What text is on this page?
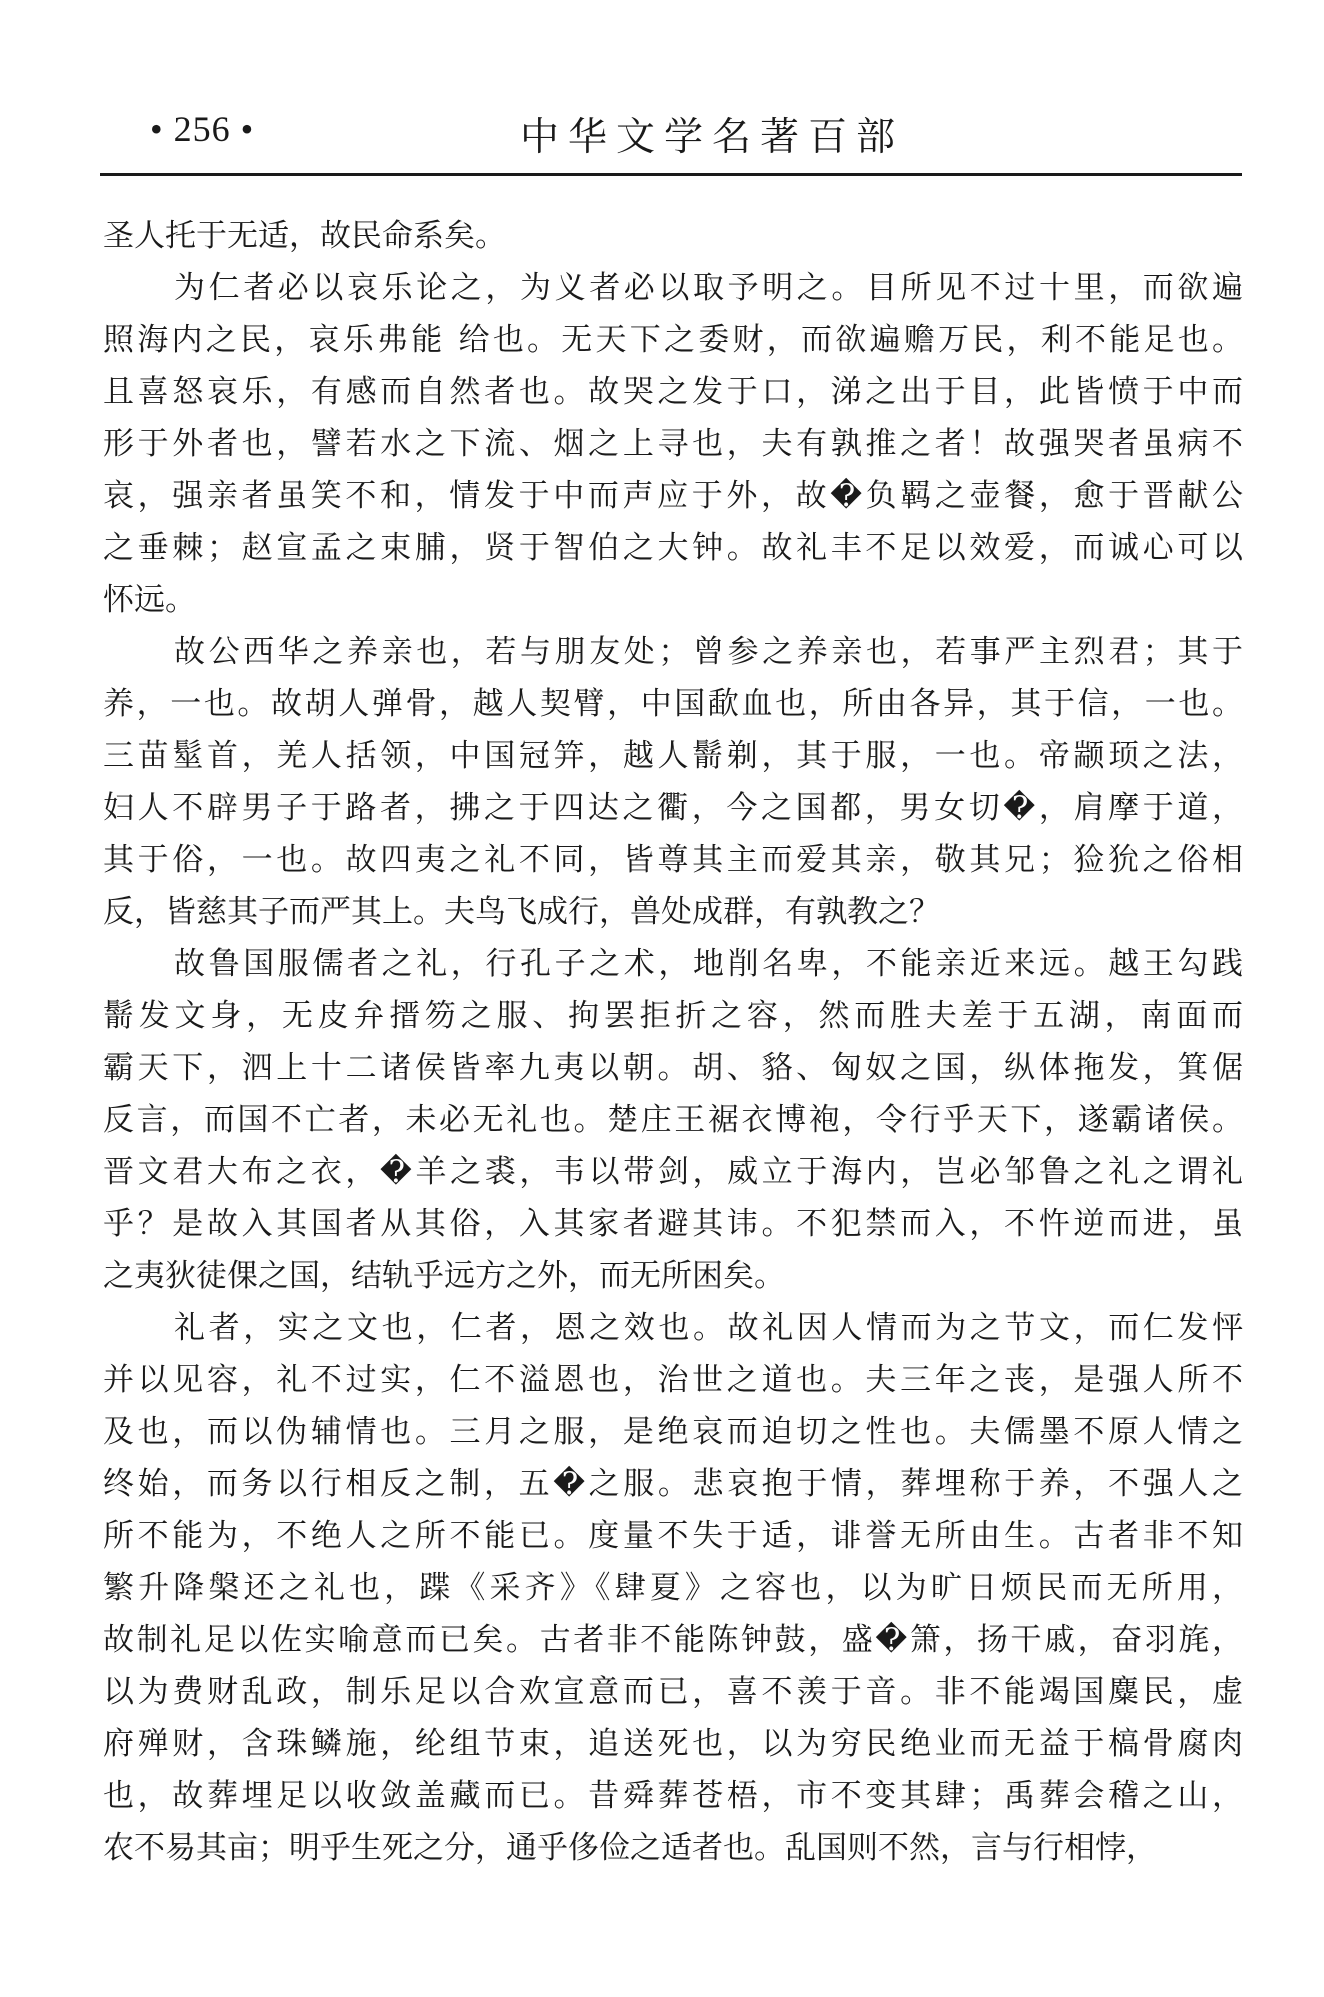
• 256 •	中华文学名著百部
圣人托于无适，故民命系矣。
为仁者必以哀乐论之，为义者必以取予明之。目所见不过十里，而欲遍
照海内之民，哀乐弗能 给也。无天下之委财，而欲遍赡万民，利不能足也。
且喜怒哀乐，有感而自然者也。故哭之发于口，涕之出于目，此皆愤于中而
形于外者也，譬若水之下流、烟之上寻也，夫有孰推之者！故强哭者虽病不
哀，强亲者虽笑不和，情发于中而声应于外，故�负羁之壶餐，愈于晋献公
之垂棘；赵宣孟之束脯，贤于智伯之大钟。故礼丰不足以效爱，而诚心可以
怀远。
故公西华之养亲也，若与朋友处；曾参之养亲也，若事严主烈君；其于
养，一也。故胡人弹骨，越人契臂，中国歃血也，所由各异，其于信，一也。
三苗髽首，羌人括领，中国冠笄，越人鬋剃，其于服，一也。帝颛顼之法，
妇人不辟男子于路者，拂之于四达之衢，今之国都，男女切�，肩摩于道，
其于俗，一也。故四夷之礼不同，皆尊其主而爱其亲，敬其兄；猃狁之俗相
反，皆慈其子而严其上。夫鸟飞成行，兽处成群，有孰教之？
故鲁国服儒者之礼，行孔子之术，地削名卑，不能亲近来远。越王勾践
鬋发文身，无皮弁搢笏之服、拘罢拒折之容，然而胜夫差于五湖，南面而
霸天下，泗上十二诸侯皆率九夷以朝。胡、貉、匈奴之国，纵体拖发，箕倨
反言，而国不亡者，未必无礼也。楚庄王裾衣博袍，令行乎天下，遂霸诸侯。
晋文君大布之衣，�羊之裘，韦以带剑，威立于海内，岂必邹鲁之礼之谓礼
乎？是故入其国者从其俗，入其家者避其讳。不犯禁而入，不忤逆而进，虽
之夷狄徒倮之国，结轨乎远方之外，而无所困矣。
礼者，实之文也，仁者，恩之效也。故礼因人情而为之节文，而仁发怦
并以见容，礼不过实，仁不溢恩也，治世之道也。夫三年之丧，是强人所不
及也，而以伪辅情也。三月之服，是绝哀而迫切之性也。夫儒墨不原人情之
终始，而务以行相反之制，五�之服。悲哀抱于情，葬埋称于养，不强人之
所不能为，不绝人之所不能已。度量不失于适，诽誉无所由生。古者非不知
繁升降槃还之礼也，蹀《采齐》《肆夏》之容也，以为旷日烦民而无所用，
故制礼足以佐实喻意而已矣。古者非不能陈钟鼓，盛�箫，扬干戚，奋羽旄，
以为费财乱政，制乐足以合欢宣意而已，喜不羡于音。非不能竭国麋民，虚
府殚财，含珠鳞施，纶组节束，追送死也，以为穷民绝业而无益于槁骨腐肉
也，故葬埋足以收敛盖藏而已。昔舜葬苍梧，市不变其肆；禹葬会稽之山，
农不易其亩；明乎生死之分，通乎侈俭之适者也。乱国则不然，言与行相悖，
